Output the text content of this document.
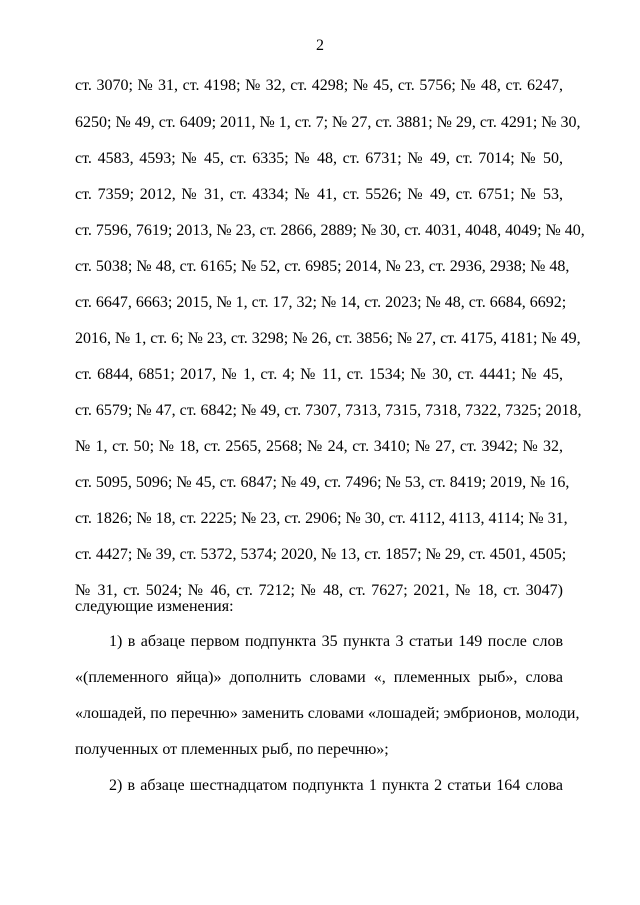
2
ст. 3070; № 31, ст. 4198; № 32, ст. 4298; № 45, ст. 5756; № 48, ст. 6247,
6250; № 49, ст. 6409; 2011, № 1, ст. 7; № 27, ст. 3881; № 29, ст. 4291; № 30,
ст. 4583, 4593; № 45, ст. 6335; № 48, ст. 6731; № 49, ст. 7014; № 50,
ст. 7359; 2012, № 31, ст. 4334; № 41, ст. 5526; № 49, ст. 6751; № 53,
ст. 7596, 7619; 2013, № 23, ст. 2866, 2889; № 30, ст. 4031, 4048, 4049; № 40,
ст. 5038; № 48, ст. 6165; № 52, ст. 6985; 2014, № 23, ст. 2936, 2938; № 48,
ст. 6647, 6663; 2015, № 1, ст. 17, 32; № 14, ст. 2023; № 48, ст. 6684, 6692;
2016, № 1, ст. 6; № 23, ст. 3298; № 26, ст. 3856; № 27, ст. 4175, 4181; № 49,
ст. 6844, 6851; 2017, № 1, ст. 4; № 11, ст. 1534; № 30, ст. 4441; № 45,
ст. 6579; № 47, ст. 6842; № 49, ст. 7307, 7313, 7315, 7318, 7322, 7325; 2018,
№ 1, ст. 50; № 18, ст. 2565, 2568; № 24, ст. 3410; № 27, ст. 3942; № 32,
ст. 5095, 5096; № 45, ст. 6847; № 49, ст. 7496; № 53, ст. 8419; 2019, № 16,
ст. 1826; № 18, ст. 2225; № 23, ст. 2906; № 30, ст. 4112, 4113, 4114; № 31,
ст. 4427; № 39, ст. 5372, 5374; 2020, № 13, ст. 1857; № 29, ст. 4501, 4505;
№ 31, ст. 5024; № 46, ст. 7212; № 48, ст. 7627; 2021, № 18, ст. 3047)
следующие изменения:
1) в абзаце первом подпункта 35 пункта 3 статьи 149 после слов
«(племенного яйца)» дополнить словами «, племенных рыб», слова
«лошадей, по перечню» заменить словами «лошадей; эмбрионов, молоди,
полученных от племенных рыб, по перечню»;
2) в абзаце шестнадцатом подпункта 1 пункта 2 статьи 164 слова
